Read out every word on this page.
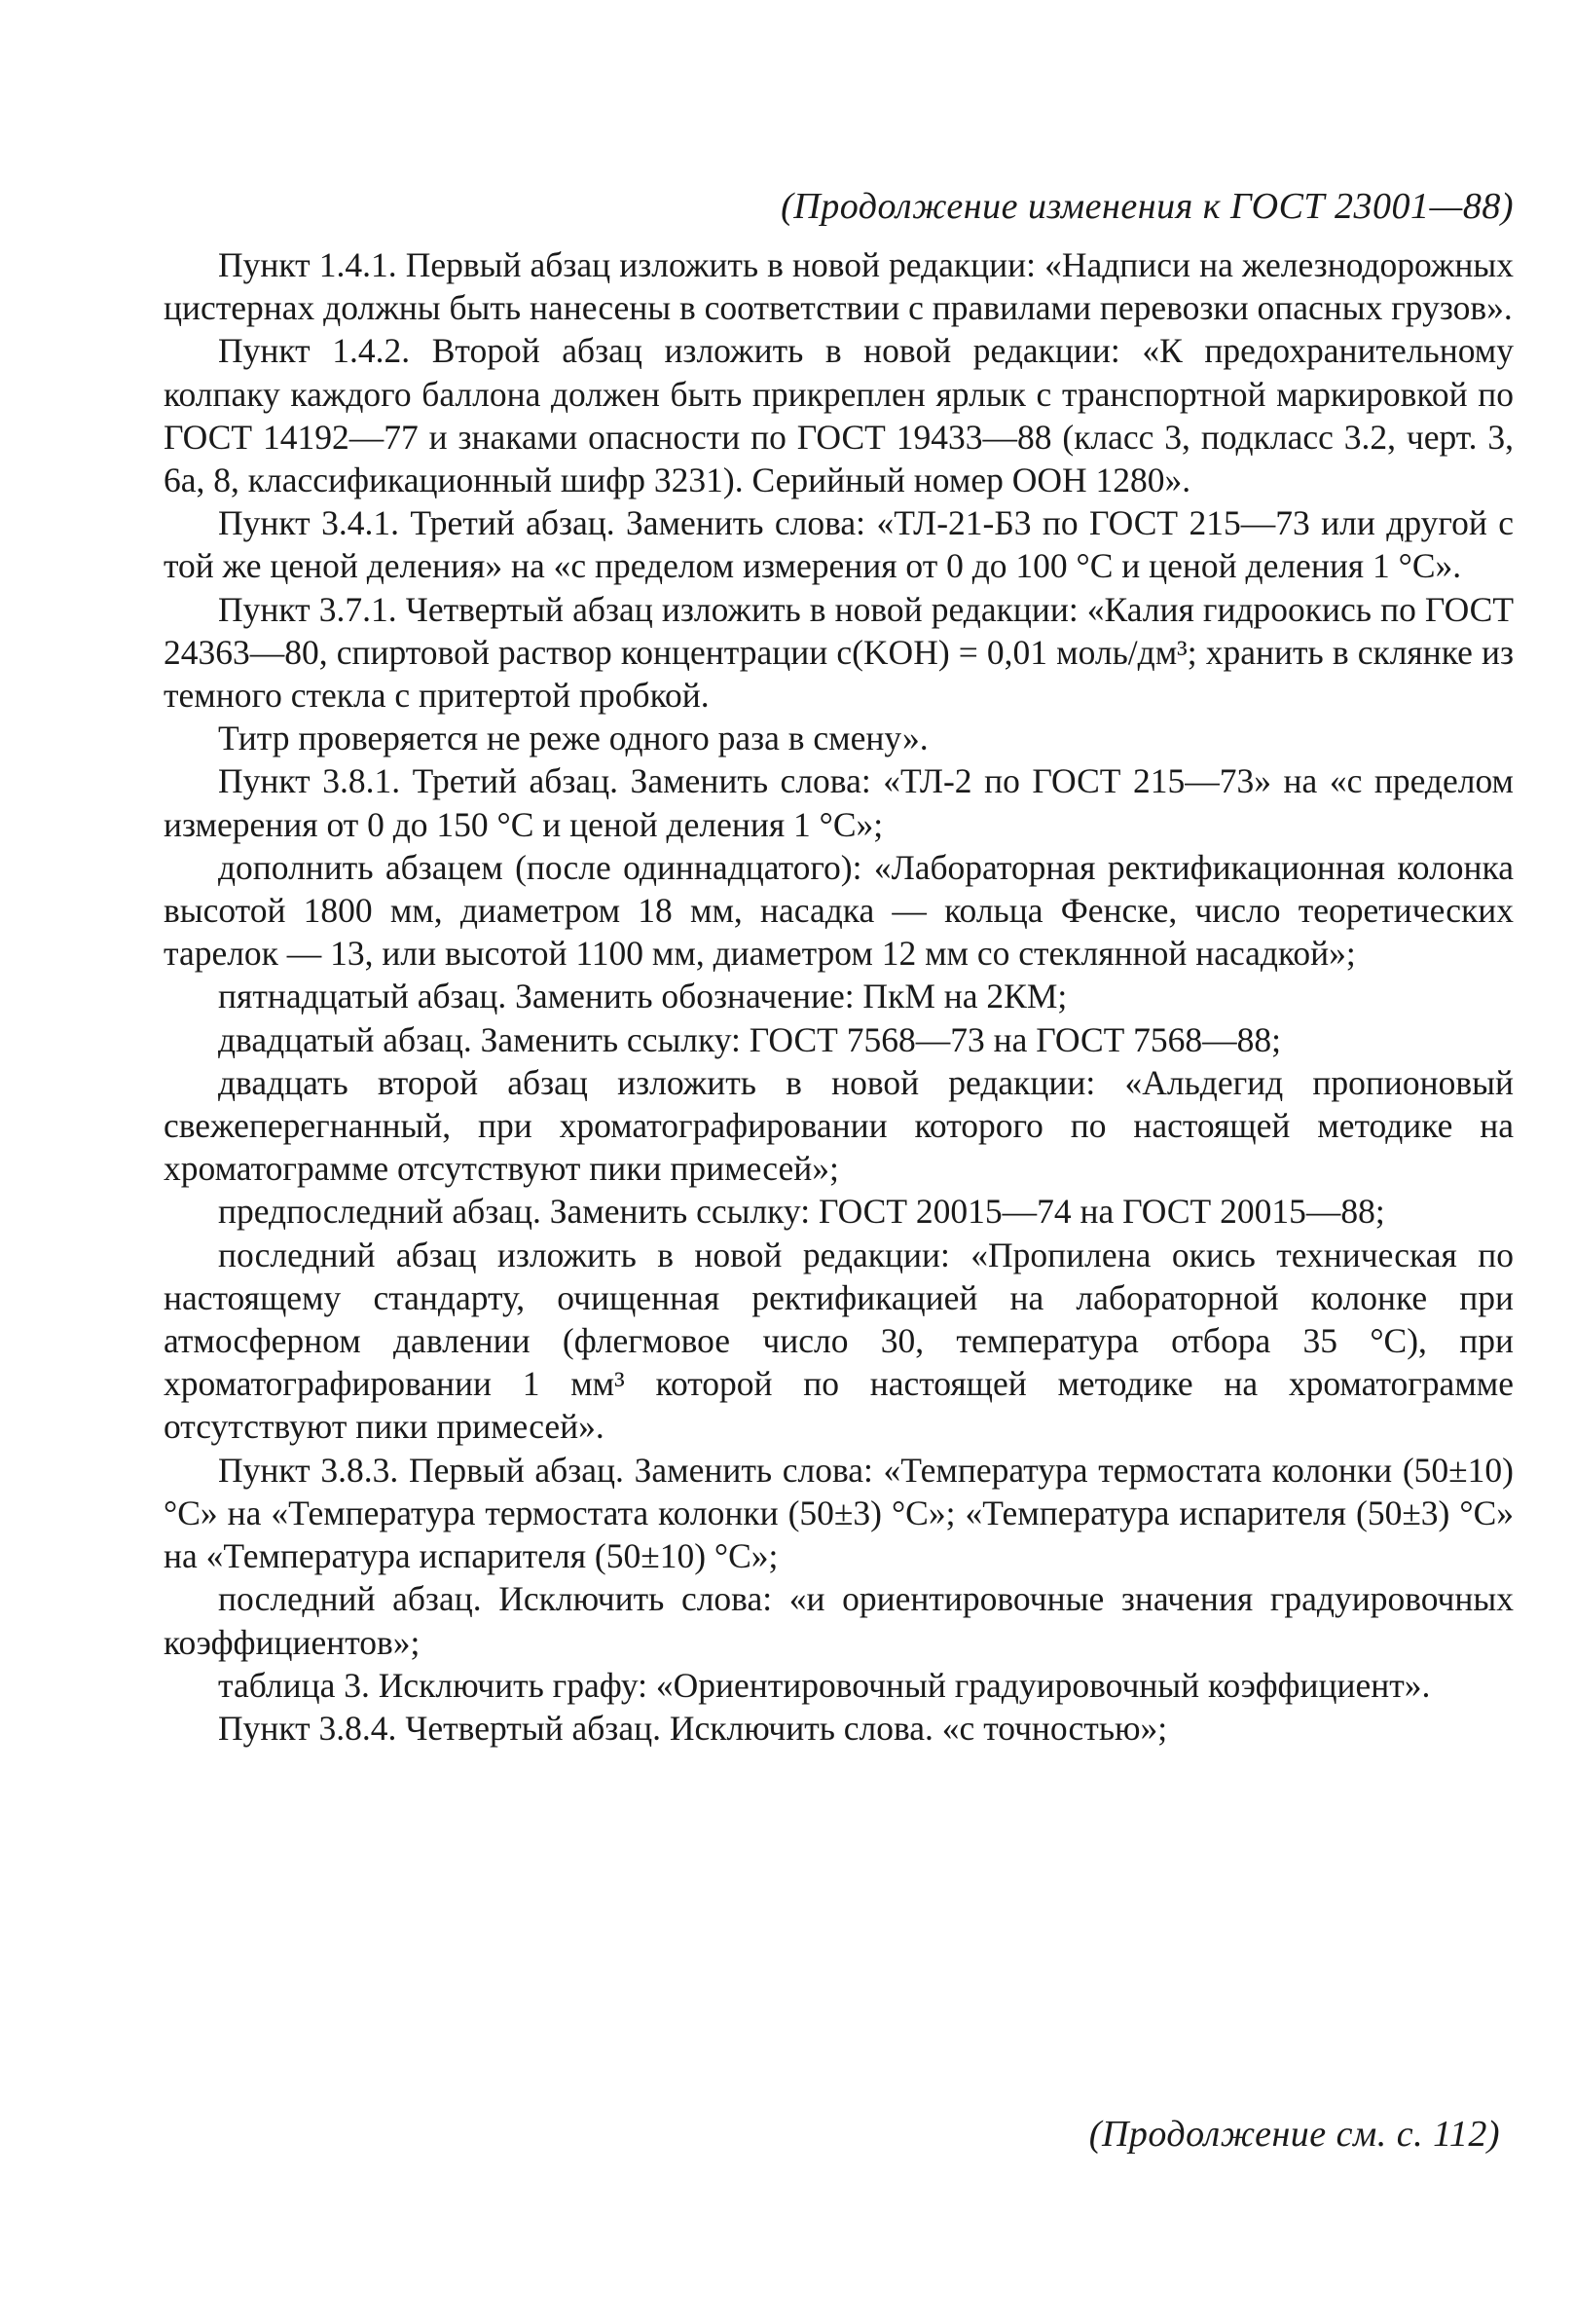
(Продолжение изменения к ГОСТ 23001—88)

Пункт 1.4.1. Первый абзац изложить в новой редакции: «Надписи на железнодорожных цистернах должны быть нанесены в соответствии с правилами перевозки опасных грузов».

Пункт 1.4.2. Второй абзац изложить в новой редакции: «К предохранительному колпаку каждого баллона должен быть прикреплен ярлык с транспортной маркировкой по ГОСТ 14192—77 и знаками опасности по ГОСТ 19433—88 (класс 3, подкласс 3.2, черт. 3, 6а, 8, классификационный шифр 3231). Серийный номер ООН 1280».

Пункт 3.4.1. Третий абзац. Заменить слова: «ТЛ-21-Б3 по ГОСТ 215—73 или другой с той же ценой деления» на «с пределом измерения от 0 до 100 °С и ценой деления 1 °С».

Пункт 3.7.1. Четвертый абзац изложить в новой редакции: «Калия гидроокись по ГОСТ 24363—80, спиртовой раствор концентрации c(KOH) = 0,01 моль/дм³; хранить в склянке из темного стекла с притертой пробкой.

Титр проверяется не реже одного раза в смену».

Пункт 3.8.1. Третий абзац. Заменить слова: «ТЛ-2 по ГОСТ 215—73» на «с пределом измерения от 0 до 150 °С и ценой деления 1 °С»;

дополнить абзацем (после одиннадцатого): «Лабораторная ректификационная колонка высотой 1800 мм, диаметром 18 мм, насадка — кольца Фенске, число теоретических тарелок — 13, или высотой 1100 мм, диаметром 12 мм со стеклянной насадкой»;

пятнадцатый абзац. Заменить обозначение: ПкМ на 2КМ;

двадцатый абзац. Заменить ссылку: ГОСТ 7568—73 на ГОСТ 7568—88;

двадцать второй абзац изложить в новой редакции: «Альдегид пропионовый свежеперегнанный, при хроматографировании которого по настоящей методике на хроматограмме отсутствуют пики примесей»;

предпоследний абзац. Заменить ссылку: ГОСТ 20015—74 на ГОСТ 20015—88;

последний абзац изложить в новой редакции: «Пропилена окись техническая по настоящему стандарту, очищенная ректификацией на лабораторной колонке при атмосферном давлении (флегмовое число 30, температура отбора 35 °С), при хроматографировании 1 мм³ которой по настоящей методике на хроматограмме отсутствуют пики примесей».

Пункт 3.8.3. Первый абзац. Заменить слова: «Температура термостата колонки (50±10) °С» на «Температура термостата колонки (50±3) °С»; «Температура испарителя (50±3) °С» на «Температура испарителя (50±10) °С»;

последний абзац. Исключить слова: «и ориентировочные значения градуировочных коэффициентов»;

таблица 3. Исключить графу: «Ориентировочный градуировочный коэффициент».

Пункт 3.8.4. Четвертый абзац. Исключить слова. «с точностью»;

(Продолжение см. с. 112)
